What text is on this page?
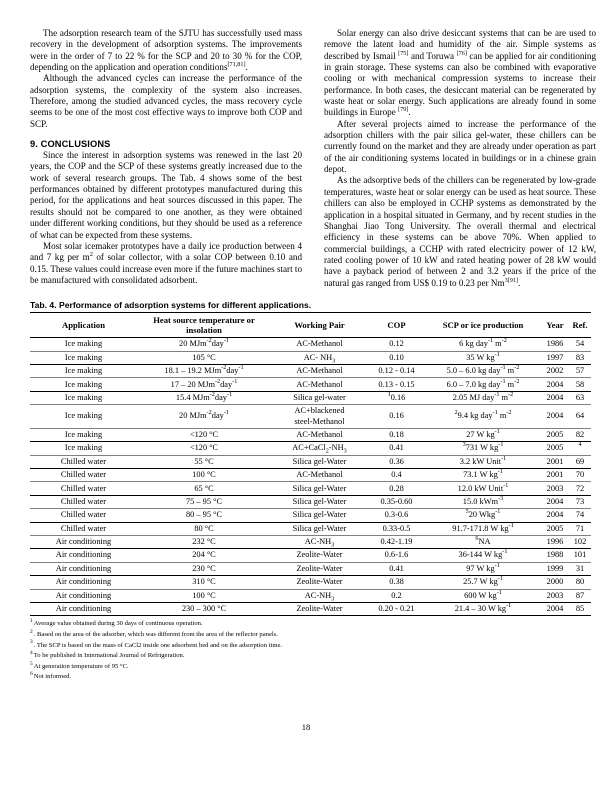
The adsorption research team of the SJTU has successfully used mass recovery in the development of adsorption systems. The improvements were in the order of 7 to 22 % for the SCP and 20 to 30 % for the COP, depending on the application and operation conditions[71,81].

Although the advanced cycles can increase the performance of the adsorption systems, the complexity of the system also increases. Therefore, among the studied advanced cycles, the mass recovery cycle seems to be one of the most cost effective ways to improve both COP and SCP.

9. CONCLUSIONS

Since the interest in adsorption systems was renewed in the last 20 years, the COP and the SCP of these systems greatly increased due to the work of several research groups. The Tab. 4 shows some of the best performances obtained by different prototypes manufactured during this period, for the applications and heat sources discussed in this paper. The results should not be compared to one another, as they were obtained under different working conditions, but they should be used as a reference of what can be expected from these systems.

Most solar icemaker prototypes have a daily ice production between 4 and 7 kg per $m^2$ of solar collector, with a solar COP between 0.10 and 0.15. These values could increase even more if the future machines start to be manufactured with consolidated adsorbent.

Solar energy can also drive desiccant systems that can be are used to remove the latent load and humidity of the air. Simple systems as described by Ismail [75] and Toruwa [76] can be applied for air conditioning in grain storage. These systems can also be combined with evaporative cooling or with mechanical compression systems to increase their performance. In both cases, the desiccant material can be regenerated by waste heat or solar energy. Such applications are already found in some buildings in Europe [79].

After several projects aimed to increase the performance of the adsorption chillers with the pair silica gel-water, these chillers can be currently found on the market and they are already under operation as part of the air conditioning systems located in buildings or in a chinese grain depot.

As the adsorptive beds of the chillers can be regenerated by low-grade temperatures, waste heat or solar energy can be used as heat source. These chillers can also be employed in CCHP systems as demonstrated by the application in a hospital situated in Germany, and by recent studies in the Shanghai Jiao Tong University. The overall thermal and electrical efficiency in these systems can be above 70%. When applied to commercial buildings, a CCHP with rated electricity power of 12 kW, rated cooling power of 10 kW and rated heating power of 28 kW would have a payback period of between 2 and 3.2 years if the price of the natural gas ranged from US$ 0.19 to 0.23 per $Nm^{3[91]}$.

Tab. 4. Performance of adsorption systems for different applications.
Application	Heat source temperature or
insolation	Working Pair	COP	SCP or ice production	Year	Ref.
Ice making	20 MJm$^{-2}$day$^{-1}$	AC-Methanol	0.12	6 kg day$^{-1}$ $m^{-2}$	1986	54
Ice making	105 °C	AC- $NH_3$	0.10	35 W $kg^{-1}$	1997	83
Ice making	18.1 – 19.2 MJm$^{-2}$day$^{-1}$	AC-Methanol	0.12 - 0.14	5.0 – 6.0 kg day$^{-1}$ $m^{-2}$	2002	57
Ice making	17 – 20 MJm$^{-2}$day$^{-1}$	AC-Methanol	0.13 - 0.15	6.0 – 7.0 kg day$^{-1}$ $m^{-2}$	2004	58
Ice making	15.4 MJm$^{-2}$day$^{-1}$	Silica gel-water	$^1$0.16	2.05 MJ day$^{-1}$ $m^{-2}$	2004	63
Ice making	20 MJm$^{-2}$day$^{-1}$	AC+blackened
steel-Methanol	0.16	$^2$9.4 kg day$^{-1}$ $m^{-2}$	2004	64
Ice making	<120 °C	AC-Methanol	0.18	27 W $kg^{-1}$	2005	82
Ice making	<120 °C	$AC+CaCl_2-NH_3$	0.41	$^3$731 W $kg^{-1}$	2005	$^4$
Chilled water	55 °C	Silica gel-Water	0.36	3.2 kW Unit$^{-1}$	2001	69
Chilled water	100 °C	AC-Methanol	0.4	73.1 W $kg^{-1}$	2001	70
Chilled water	65 °C	Silica gel-Water	0.28	12.0 kW Unit$^{-1}$	2003	72
Chilled water	75 – 95 °C	Silica gel-Water	0.35-0.60	15.0 kWm$^{-3}$	2004	73
Chilled water	80 – 95 °C	Silica gel-Water	0.3-0.6	$^5$20 Wkg$^{-1}$	2004	74
Chilled water	80 °C	Silica gel-Water	0.33-0.5	91.7-171.8 W $kg^{-1}$	2005	71
Air conditioning	232 °C	$AC-NH_3$	0.42-1.19	$^6$NA	1996	102
Air conditioning	204 °C	Zeolite-Water	0.6-1.6	36-144 W $kg^{-1}$	1988	101
Air conditioning	230 °C	Zeolite-Water	0.41	97 W $kg^{-1}$	1999	31
Air conditioning	310 °C	Zeolite-Water	0.38	25.7 W $kg^{-1}$	2000	80
Air conditioning	100 °C	$AC-NH_3$	0.2	600 W $kg^{-1}$	2003	87
Air conditioning	230 – 300 °C	Zeolite-Water	0.20 - 0.21	21.4 – 30 W $kg^{-1}$	2004	85

$^1$Average value obtained during 30 days of continuous operation.

$^2$. Based on the area of the adsorber, which was different from the area of the reflector panels.

$^3$. The SCP is based on the mass of CaCl2 inside one adsorbent bed and on the adsorption time.

$^4$To be published in International Journal of Refrigeration.

$^5$At generation temperature of 95 °C.

$^6$Not informed.

18
